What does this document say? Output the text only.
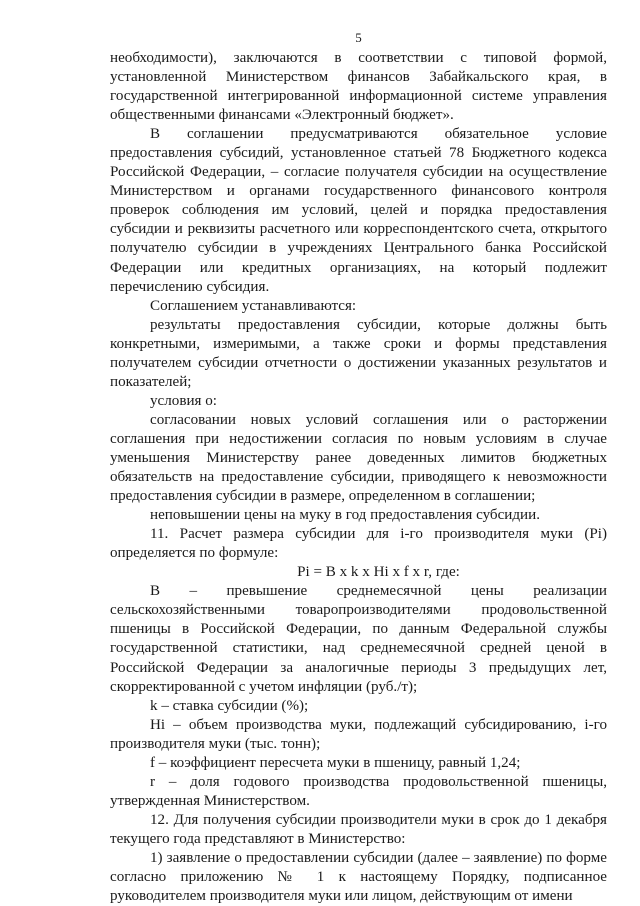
5

необходимости), заключаются в соответствии с типовой формой, установленной Министерством финансов Забайкальского края, в государственной интегрированной информационной системе управления общественными финансами «Электронный бюджет».

В соглашении предусматриваются обязательное условие предоставления субсидий, установленное статьей 78 Бюджетного кодекса Российской Федерации, – согласие получателя субсидии на осуществление Министерством и органами государственного финансового контроля проверок соблюдения им условий, целей и порядка предоставления субсидии и реквизиты расчетного или корреспондентского счета, открытого получателю субсидии в учреждениях Центрального банка Российской Федерации или кредитных организациях, на который подлежит перечислению субсидия.

Соглашением устанавливаются:

результаты предоставления субсидии, которые должны быть конкретными, измеримыми, а также сроки и формы представления получателем субсидии отчетности о достижении указанных результатов и показателей;

условия о:

согласовании новых условий соглашения или о расторжении соглашения при недостижении согласия по новым условиям в случае уменьшения Министерству ранее доведенных лимитов бюджетных обязательств на предоставление субсидии, приводящего к невозможности предоставления субсидии в размере, определенном в соглашении;

неповышении цены на муку в год предоставления субсидии.

11. Расчет размера субсидии для i-го производителя муки (Pi) определяется по формуле:

Pi = B х k х Hi х f х r, где:

B – превышение среднемесячной цены реализации сельскохозяйственными товаропроизводителями продовольственной пшеницы в Российской Федерации, по данным Федеральной службы государственной статистики, над среднемесячной средней ценой в Российской Федерации за аналогичные периоды 3 предыдущих лет, скорректированной с учетом инфляции (руб./т);

k – ставка субсидии (%);

Hi – объем производства муки, подлежащий субсидированию, i-го производителя муки (тыс. тонн);

f – коэффициент пересчета муки в пшеницу, равный 1,24;

r – доля годового производства продовольственной пшеницы, утвержденная Министерством.

12. Для получения субсидии производители муки в срок до 1 декабря текущего года представляют в Министерство:

1) заявление о предоставлении субсидии (далее – заявление) по форме согласно приложению № 1 к настоящему Порядку, подписанное руководителем производителя муки или лицом, действующим от имени
